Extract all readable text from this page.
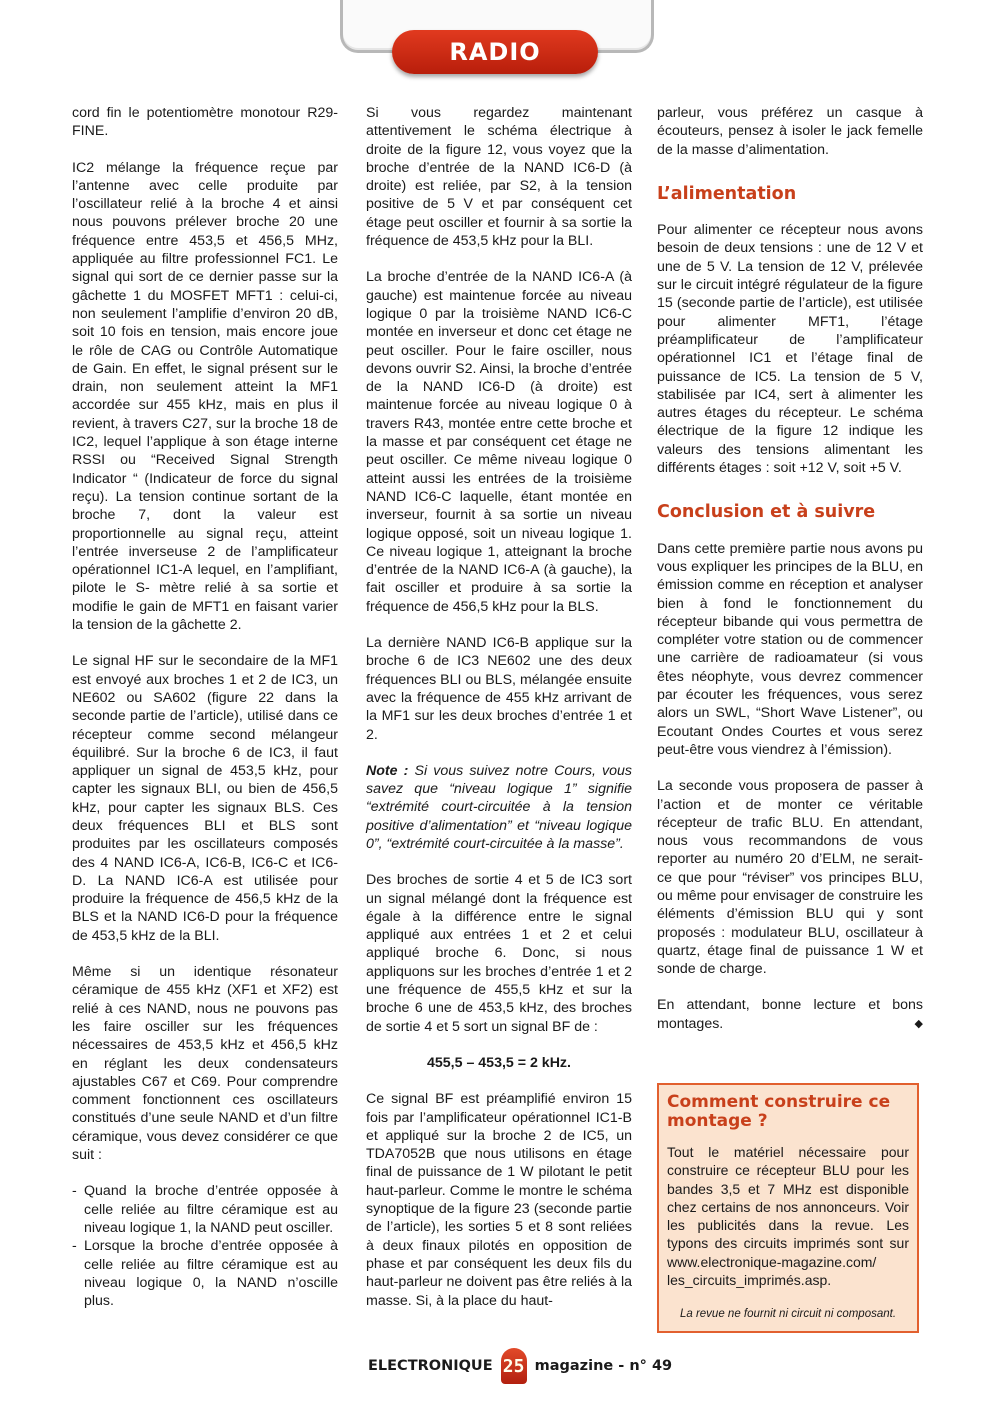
RADIO

cord fin le potentiomètre monotour R29-FINE.

IC2 mélange la fréquence reçue par l’antenne avec celle produite par l’oscillateur relié à la broche 4 et ainsi nous pouvons prélever broche 20 une fréquence entre 453,5 et 456,5 MHz, appliquée au filtre professionnel FC1. Le signal qui sort de ce dernier passe sur la gâchette 1 du MOSFET MFT1 : celui-ci, non seulement l’amplifie d’environ 20 dB, soit 10 fois en tension, mais encore joue le rôle de CAG ou Contrôle Automatique de Gain. En effet, le signal présent sur le drain, non seulement atteint la MF1 accordée sur 455 kHz, mais en plus il revient, à travers C27, sur la broche 18 de IC2, lequel l’applique à son étage interne RSSI ou “Received Signal Strength Indicator “ (Indicateur de force du signal reçu). La tension continue sortant de la broche 7, dont la valeur est proportionnelle au signal reçu, atteint l’entrée inverseuse 2 de l’amplificateur opérationnel IC1-A lequel, en l’amplifiant, pilote le S- mètre relié à sa sortie et modifie le gain de MFT1 en faisant varier la tension de la gâchette 2.

Le signal HF sur le secondaire de la MF1 est envoyé aux broches 1 et 2 de IC3, un NE602 ou SA602 (figure 22 dans la seconde partie de l’article), utilisé dans ce récepteur comme second mélangeur équilibré. Sur la broche 6 de IC3, il faut appliquer un signal de 453,5 kHz, pour capter les signaux BLI, ou bien de 456,5 kHz, pour capter les signaux BLS. Ces deux fréquences BLI et BLS sont produites par les oscillateurs composés des 4 NAND IC6-A, IC6-B, IC6-C et IC6-D. La NAND IC6-A est utilisée pour produire la fréquence de 456,5 kHz de la BLS et la NAND IC6-D pour la fréquence de 453,5 kHz de la BLI.

Même si un identique résonateur céramique de 455 kHz (XF1 et XF2) est relié à ces NAND, nous ne pouvons pas les faire osciller sur les fréquences nécessaires de 453,5 kHz et 456,5 kHz en réglant les deux condensateurs ajustables C67 et C69. Pour comprendre comment fonctionnent ces oscillateurs constitués d’une seule NAND et d’un filtre céramique, vous devez considérer ce que suit :

- Quand la broche d’entrée opposée à celle reliée au filtre céramique est au niveau logique 1, la NAND peut osciller.
- Lorsque la broche d’entrée opposée à celle reliée au filtre céramique est au niveau logique 0, la NAND n’oscille plus.

Si vous regardez maintenant attentivement le schéma électrique à droite de la figure 12, vous voyez que la broche d’entrée de la NAND IC6-D (à droite) est reliée, par S2, à la tension positive de 5 V et par conséquent cet étage peut osciller et fournir à sa sortie la fréquence de 453,5 kHz pour la BLI.

La broche d’entrée de la NAND IC6-A (à gauche) est maintenue forcée au niveau logique 0 par la troisième NAND IC6-C montée en inverseur et donc cet étage ne peut osciller. Pour le faire osciller, nous devons ouvrir S2. Ainsi, la broche d’entrée de la NAND IC6-D (à droite) est maintenue forcée au niveau logique 0 à travers R43, montée entre cette broche et la masse et par conséquent cet étage ne peut osciller. Ce même niveau logique 0 atteint aussi les entrées de la troisième NAND IC6-C laquelle, étant montée en inverseur, fournit à sa sortie un niveau logique opposé, soit un niveau logique 1. Ce niveau logique 1, atteignant la broche d’entrée de la NAND IC6-A (à gauche), la fait osciller et produire à sa sortie la fréquence de 456,5 kHz pour la BLS.

La dernière NAND IC6-B applique sur la broche 6 de IC3 NE602 une des deux fréquences BLI ou BLS, mélangée ensuite avec la fréquence de 455 kHz arrivant de la MF1 sur les deux broches d’entrée 1 et 2.

Note : Si vous suivez notre Cours, vous savez que “niveau logique 1” signifie “extrémité court-circuitée à la tension positive d’alimentation” et “niveau logique 0”, “extrémité court-circuitée à la masse”.

Des broches de sortie 4 et 5 de IC3 sort un signal mélangé dont la fréquence est égale à la différence entre le signal appliqué aux entrées 1 et 2 et celui appliqué broche 6. Donc, si nous appliquons sur les broches d’entrée 1 et 2 une fréquence de 455,5 kHz et sur la broche 6 une de 453,5 kHz, des broches de sortie 4 et 5 sort un signal BF de :

455,5 – 453,5 = 2 kHz.

Ce signal BF est préamplifié environ 15 fois par l’amplificateur opérationnel IC1-B et appliqué sur la broche 2 de IC5, un TDA7052B que nous utilisons en étage final de puissance de 1 W pilotant le petit haut-parleur. Comme le montre le schéma synoptique de la figure 23 (seconde partie de l’article), les sorties 5 et 8 sont reliées à deux finaux pilotés en opposition de phase et par conséquent les deux fils du haut-parleur ne doivent pas être reliés à la masse. Si, à la place du haut-

parleur, vous préférez un casque à écouteurs, pensez à isoler le jack femelle de la masse d’alimentation.

L’alimentation

Pour alimenter ce récepteur nous avons besoin de deux tensions : une de 12 V et une de 5 V. La tension de 12 V, prélevée sur le circuit intégré régulateur de la figure 15 (seconde partie de l’article), est utilisée pour alimenter MFT1, l’étage préamplificateur de l’amplificateur opérationnel IC1 et l’étage final de puissance de IC5. La tension de 5 V, stabilisée par IC4, sert à alimenter les autres étages du récepteur. Le schéma électrique de la figure 12 indique les valeurs des tensions alimentant les différents étages : soit +12 V, soit +5 V.

Conclusion et à suivre

Dans cette première partie nous avons pu vous expliquer les principes de la BLU, en émission comme en réception et analyser bien à fond le fonctionnement du récepteur bibande qui vous permettra de compléter votre station ou de commencer une carrière de radioamateur (si vous êtes néophyte, vous devrez commencer par écouter les fréquences, vous serez alors un SWL, “Short Wave Listener”, ou Ecoutant Ondes Courtes et vous serez peut-être vous viendrez à l’émission).

La seconde vous proposera de passer à l’action et de monter ce véritable récepteur de trafic BLU. En attendant, nous vous recommandons de vous reporter au numéro 20 d’ELM, ne serait-ce que pour “réviser” vos principes BLU, ou même pour envisager de construire les éléments d’émission BLU qui y sont proposés : modulateur BLU, oscillateur à quartz, étage final de puissance 1 W et sonde de charge.

En attendant, bonne lecture et bons montages.	◆

Comment construire ce montage ?

Tout le matériel nécessaire pour construire ce récepteur BLU pour les bandes 3,5 et 7 MHz est disponible chez certains de nos annonceurs. Voir les publicités dans la revue. Les typons des circuits imprimés sont sur www.electronique-magazine.com/ les_circuits_imprimés.asp.

La revue ne fournit ni circuit ni composant.

ELECTRONIQUE 25 magazine - n° 49
